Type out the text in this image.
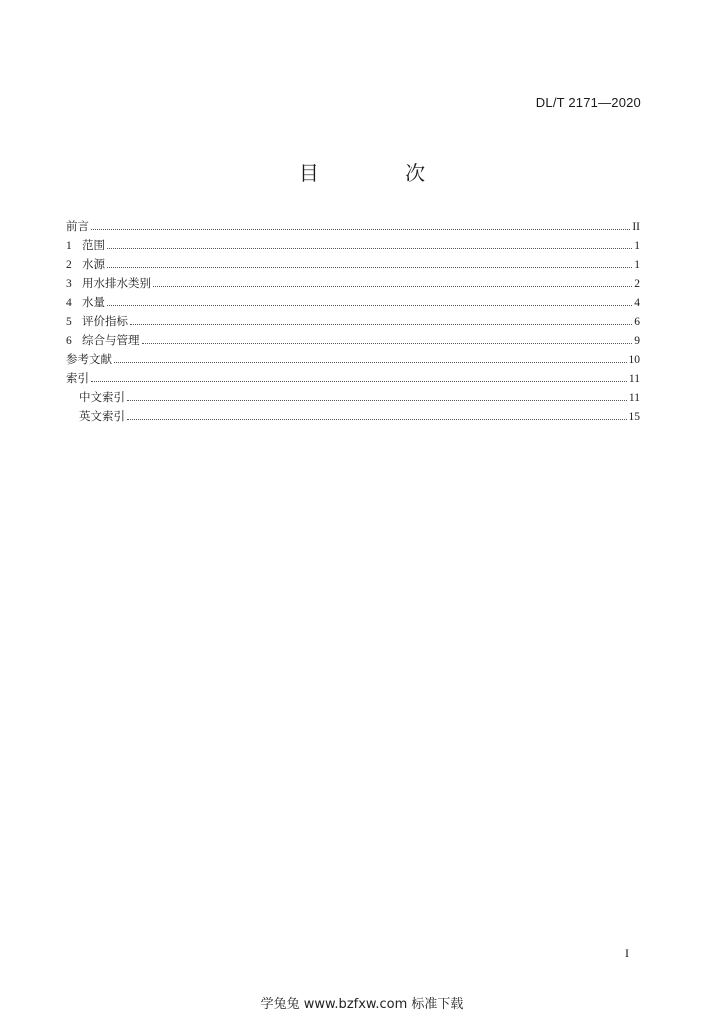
DL/T 2171—2020
目 次
前言	II
1 范围	1
2 水源	1
3 用水排水类别	2
4 水量	4
5 评价指标	6
6 综合与管理	9
参考文献	10
索引	11
中文索引	11
英文索引	15
I
学兔兔 www.bzfxw.com 标准下载
